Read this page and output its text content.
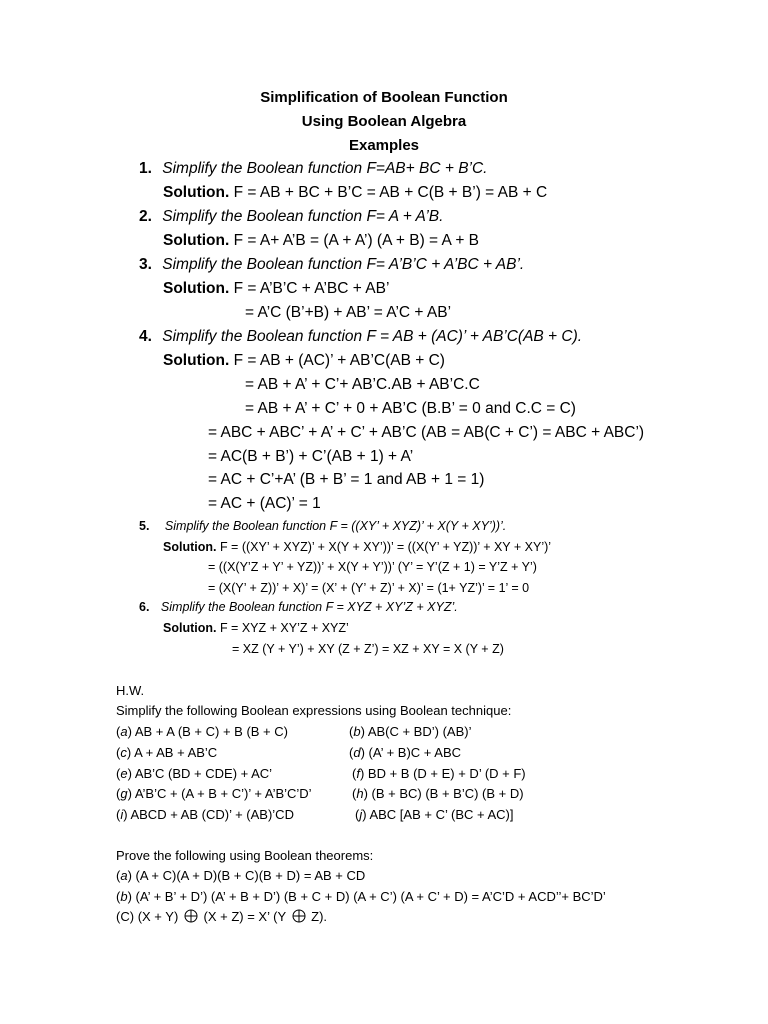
Simplification of Boolean Function
Using Boolean Algebra
Examples
1. Simplify the Boolean function F=AB+ BC + B’C.
Solution. F = AB + BC + B’C = AB + C(B + B’) = AB + C
2. Simplify the Boolean function F= A + A’B.
Solution. F = A+ A’B = (A + A’) (A + B) = A + B
3. Simplify the Boolean function F= A’B’C + A’BC + AB’.
Solution. F = A’B’C + A’BC + AB’
= A’C (B’+B) + AB’ = A’C + AB’
4. Simplify the Boolean function F = AB + (AC)’ + AB’C(AB + C).
Solution. F = AB + (AC)’ + AB’C(AB + C)
= AB + A’ + C’+ AB’C.AB + AB’C.C
= AB + A’ + C’ + 0 + AB’C (B.B’ = 0 and C.C = C)
= ABC + ABC’ + A’ + C’ + AB’C (AB = AB(C + C’) = ABC + ABC’)
= AC(B + B’) + C’(AB + 1) + A’
= AC + C’+A’ (B + B’ = 1 and AB + 1 = 1)
= AC + (AC)’ = 1
5. Simplify the Boolean function F = ((XY’ + XYZ)’ + X(Y + XY’))’.
Solution. F = ((XY’ + XYZ)’ + X(Y + XY’))’ = ((X(Y’ + YZ))’ + XY + XY’)’
= ((X(Y’Z + Y’ + YZ))’ + X(Y + Y’))’ (Y’ = Y’(Z + 1) = Y’Z + Y’)
= (X(Y’ + Z))’ + X)’ = (X’ + (Y’ + Z)’ + X)’ = (1+ YZ’)’ = 1’ = 0
6. Simplify the Boolean function F = XYZ + XY’Z + XYZ’.
Solution. F = XYZ + XY’Z + XYZ’
= XZ (Y + Y’) + XY (Z + Z’) = XZ + XY = X (Y + Z)
H.W.
Simplify the following Boolean expressions using Boolean technique:
(a) AB + A (B + C) + B (B + C)	(b) AB(C + BD’) (AB)’
(c) A + AB + AB’C	(d) (A’ + B)C + ABC
(e) AB’C (BD + CDE) + AC’	(f) BD + B (D + E) + D’ (D + F)
(g) A’B’C + (A + B + C’)’ + A’B’C’D’	(h) (B + BC) (B + B’C) (B + D)
(i) ABCD + AB (CD)’ + (AB)’CD	(j) ABC [AB + C’ (BC + AC)]
Prove the following using Boolean theorems:
(a) (A + C)(A + D)(B + C)(B + D) = AB + CD
(b) (A’ + B’ + D’) (A’ + B + D’) (B + C + D) (A + C’) (A + C’ + D) = A’C’D + ACD’’+ BC’D’
(C) (X + Y) (X + Z) = X’ (Y Z).
